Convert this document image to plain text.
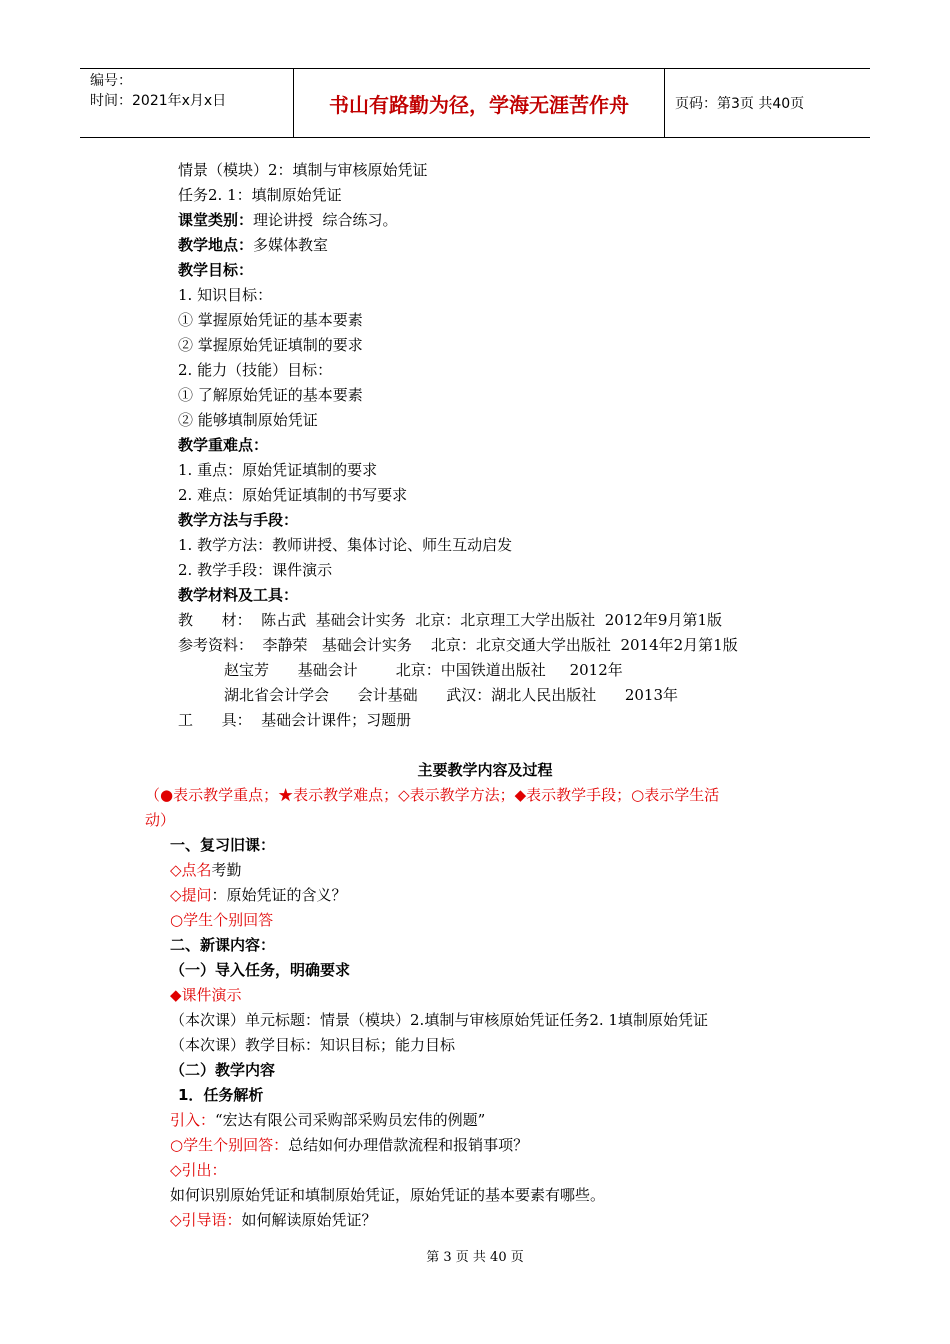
编号：
时间：2021年x月x日	书山有路勤为径，学海无涯苦作舟	页码：第3页 共40页
情景（模块）2：填制与审核原始凭证
任务2. 1：填制原始凭证
课堂类别：理论讲授  综合练习。
教学地点：多媒体教室
教学目标：
1. 知识目标：
① 掌握原始凭证的基本要素
② 掌握原始凭证填制的要求
2. 能力（技能）目标：
① 了解原始凭证的基本要素
② 能够填制原始凭证
教学重难点：
1. 重点：原始凭证填制的要求
2. 难点：原始凭证填制的书写要求
教学方法与手段：
1. 教学方法：教师讲授、集体讨论、师生互动启发
2. 教学手段：课件演示
教学材料及工具：
教      材：  陈占武  基础会计实务  北京：北京理工大学出版社  2012年9月第1版
参考资料：  李静荣   基础会计实务    北京：北京交通大学出版社  2014年2月第1版
赵宝芳      基础会计        北京：中国铁道出版社     2012年
湖北省会计学会      会计基础      武汉：湖北人民出版社      2013年
工      具：  基础会计课件；习题册
主要教学内容及过程
（●表示教学重点；★表示教学难点；◇表示教学方法；◆表示教学手段；○表示学生活
动）
一、复习旧课：
◇点名考勤
◇提问：原始凭证的含义？
○学生个别回答
二、新课内容：
（一）导入任务，明确要求
◆课件演示
（本次课）单元标题：情景（模块）2.填制与审核原始凭证任务2. 1填制原始凭证
（本次课）教学目标：知识目标；能力目标
（二）教学内容
1．任务解析
引入：“宏达有限公司采购部采购员宏伟的例题”
○学生个别回答：总结如何办理借款流程和报销事项？
◇引出：
如何识别原始凭证和填制原始凭证，原始凭证的基本要素有哪些。
◇引导语：如何解读原始凭证？
第 3 页 共 40 页
